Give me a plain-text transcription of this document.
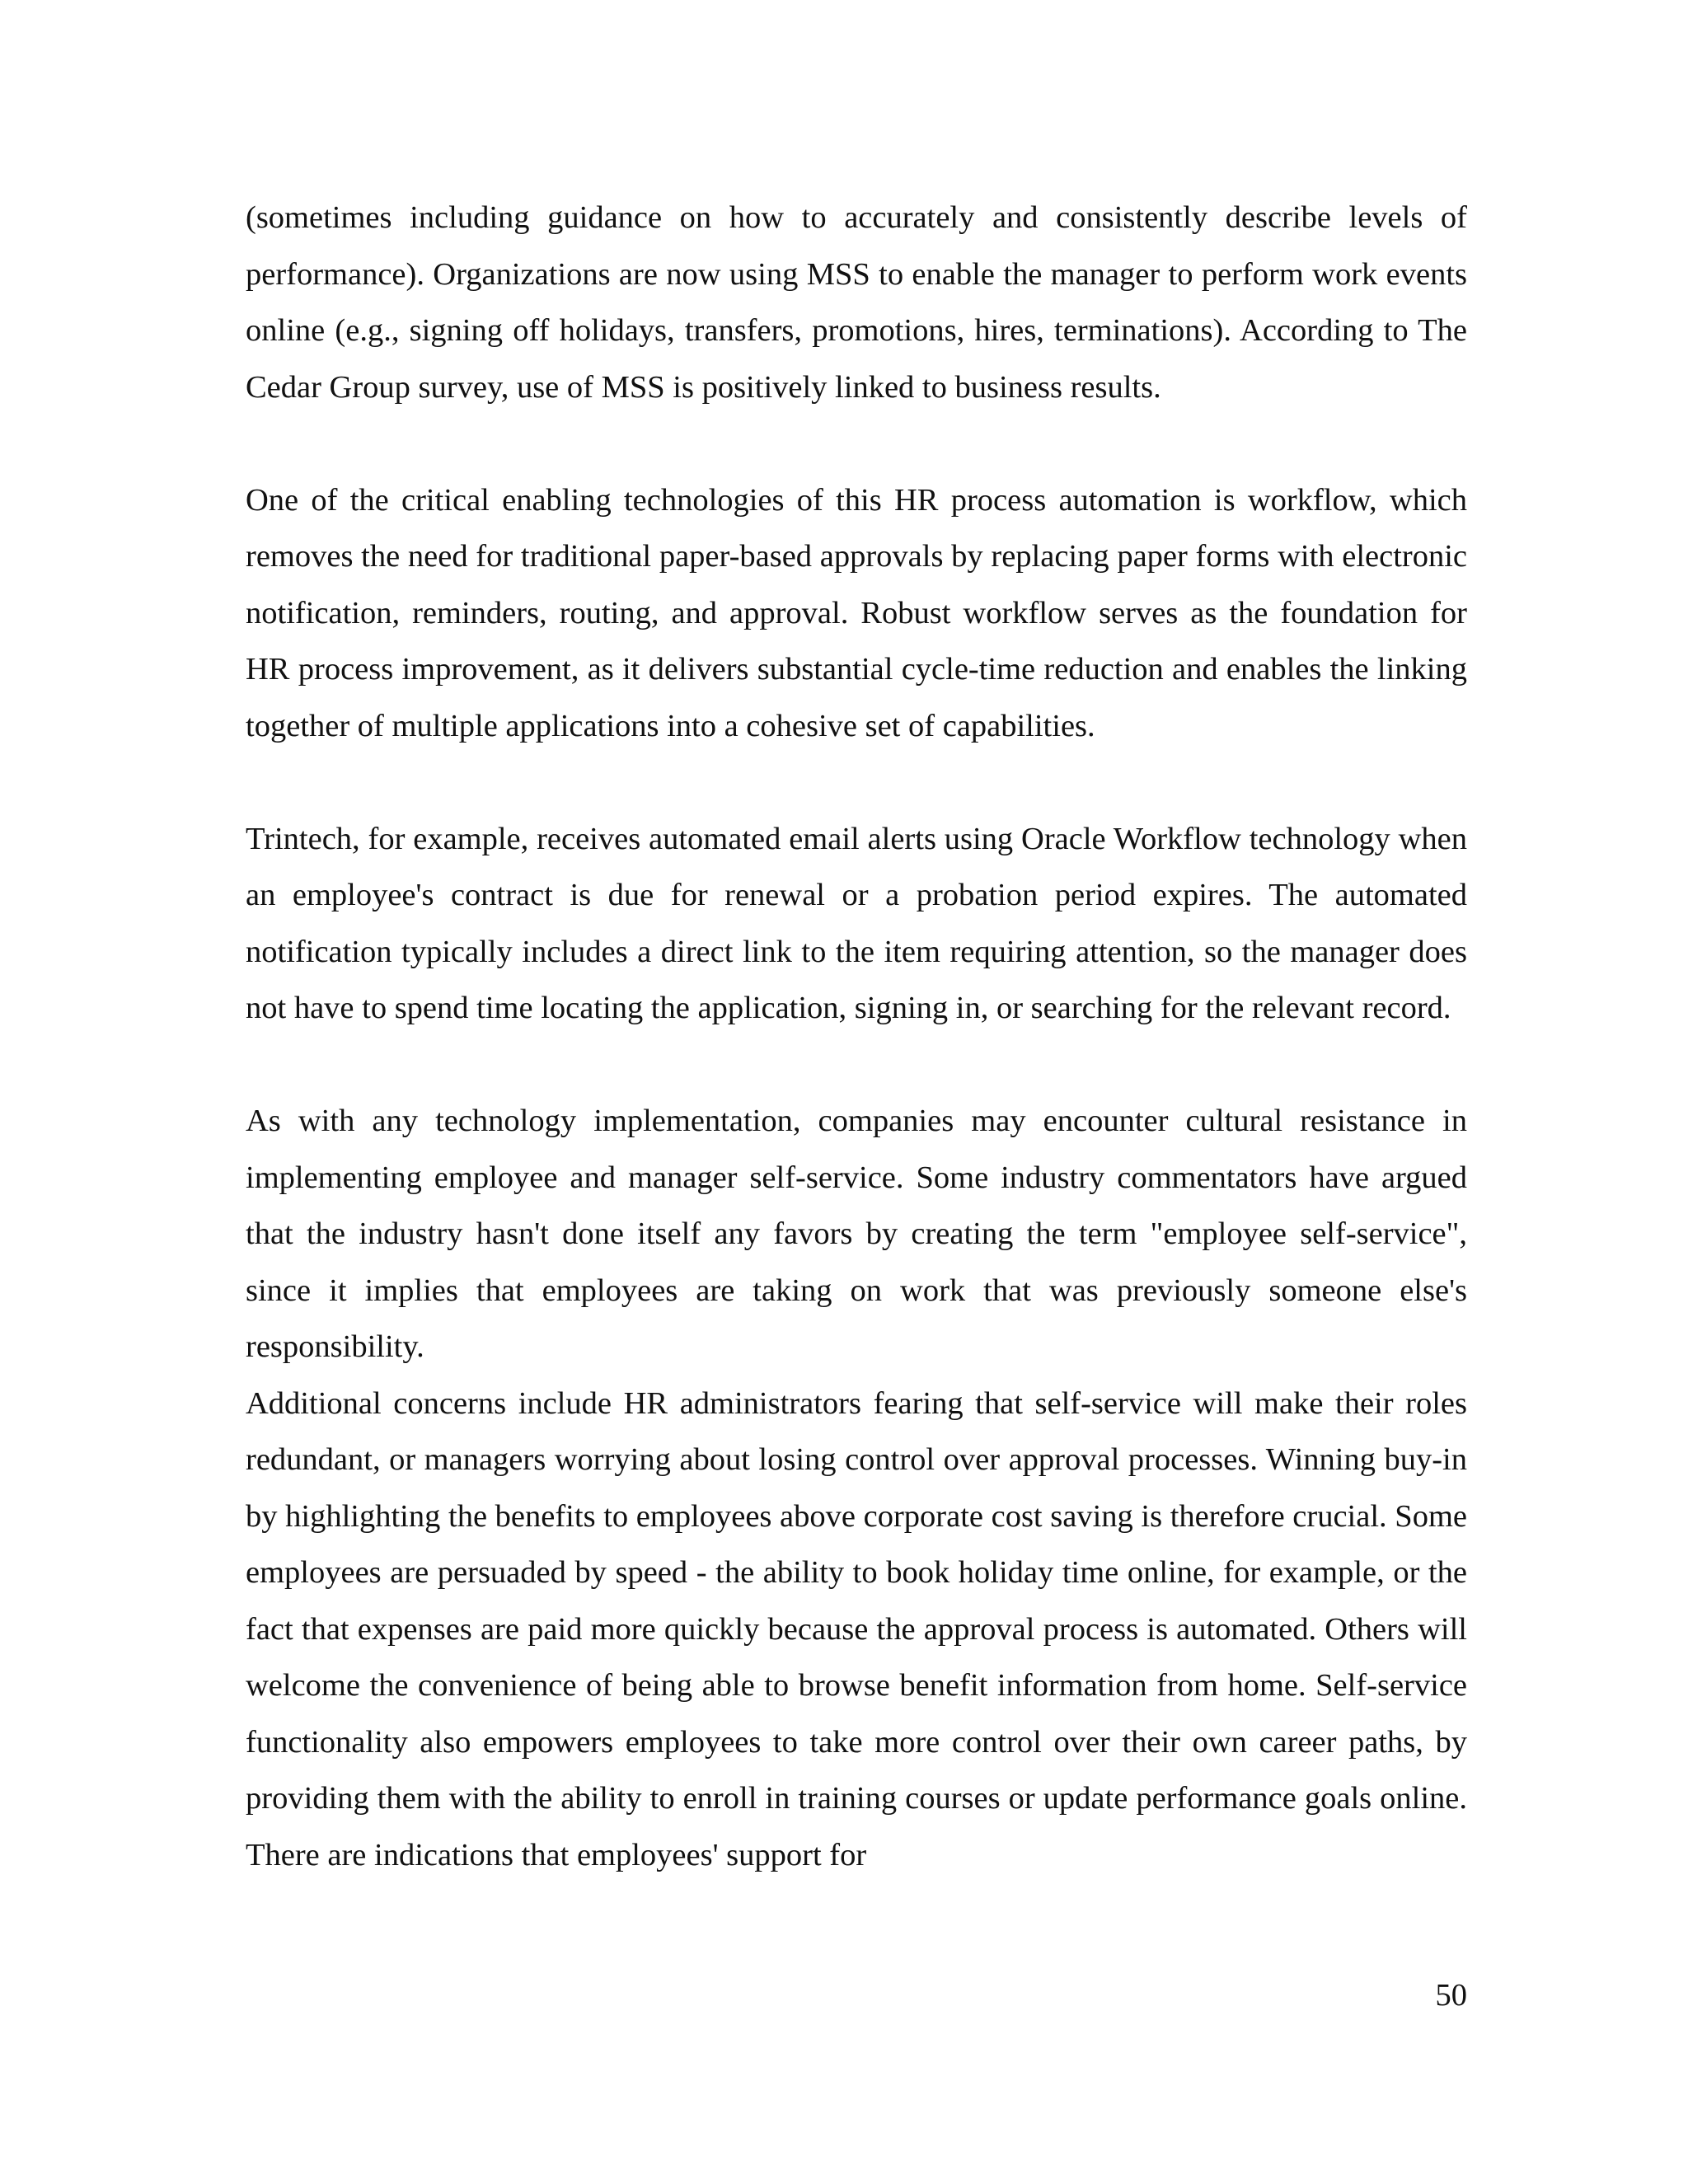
(sometimes including guidance on how to accurately and consistently describe levels of performance). Organizations are now using MSS to enable the manager to perform work events online (e.g., signing off holidays, transfers, promotions, hires, terminations). According to The Cedar Group survey, use of MSS is positively linked to business results.

One of the critical enabling technologies of this HR process automation is workflow, which removes the need for traditional paper-based approvals by replacing paper forms with electronic notification, reminders, routing, and approval. Robust workflow serves as the foundation for HR process improvement, as it delivers substantial cycle-time reduction and enables the linking together of multiple applications into a cohesive set of capabilities.

Trintech, for example, receives automated email alerts using Oracle Workflow technology when an employee's contract is due for renewal or a probation period expires. The automated notification typically includes a direct link to the item requiring attention, so the manager does not have to spend time locating the application, signing in, or searching for the relevant record.

As with any technology implementation, companies may encounter cultural resistance in implementing employee and manager self-service. Some industry commentators have argued that the industry hasn't done itself any favors by creating the term "employee self-service", since it implies that employees are taking on work that was previously someone else's responsibility.

Additional concerns include HR administrators fearing that self-service will make their roles redundant, or managers worrying about losing control over approval processes. Winning buy-in by highlighting the benefits to employees above corporate cost saving is therefore crucial. Some employees are persuaded by speed - the ability to book holiday time online, for example, or the fact that expenses are paid more quickly because the approval process is automated. Others will welcome the convenience of being able to browse benefit information from home. Self-service functionality also empowers employees to take more control over their own career paths, by providing them with the ability to enroll in training courses or update performance goals online. There are indications that employees' support for

50
